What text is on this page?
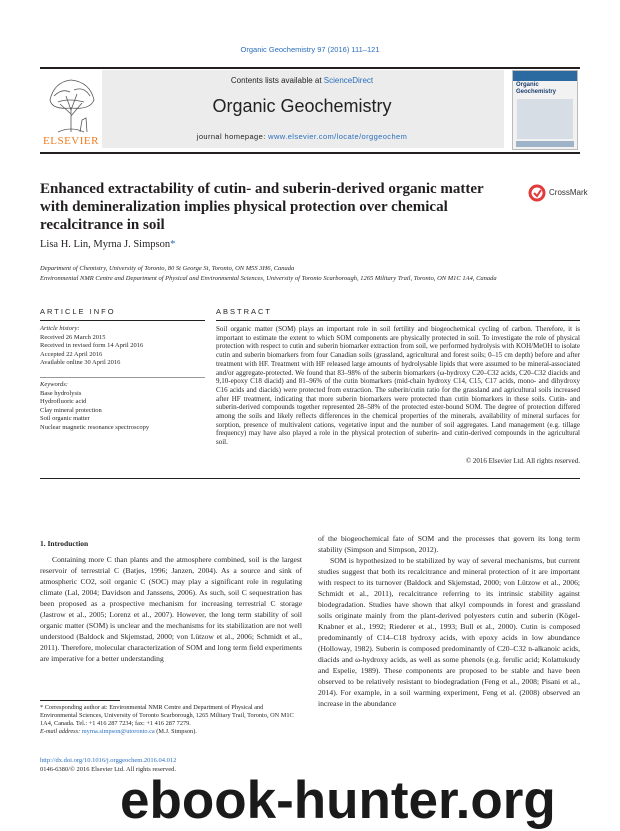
Organic Geochemistry 97 (2016) 111–121
ELSEVIER
Contents lists available at ScienceDirect
Organic Geochemistry
journal homepage: www.elsevier.com/locate/orggeochem
Organic Geochemistry
Enhanced extractability of cutin- and suberin-derived organic matter with demineralization implies physical protection over chemical recalcitrance in soil
CrossMark
Lisa H. Lin, Myrna J. Simpson*
Department of Chemistry, University of Toronto, 80 St George St, Toronto, ON M5S 3H6, Canada
Environmental NMR Centre and Department of Physical and Environmental Sciences, University of Toronto Scarborough, 1265 Military Trail, Toronto, ON M1C 1A4, Canada
ARTICLE INFO	ABSTRACT
Article history:
Received 26 March 2015
Received in revised form 14 April 2016
Accepted 22 April 2016
Available online 30 April 2016
Keywords:
Base hydrolysis
Hydrofluoric acid
Clay mineral protection
Soil organic matter
Nuclear magnetic resonance spectroscopy
Soil organic matter (SOM) plays an important role in soil fertility and biogeochemical cycling of carbon. Therefore, it is important to estimate the extent to which SOM components are physically protected in soil. To investigate the role of physical protection with respect to cutin and suberin biomarker extraction from soil, we performed hydrolysis with KOH/MeOH to isolate cutin and suberin biomarkers from four Canadian soils (grassland, agricultural and forest soils; 0–15 cm depth) before and after treatment with HF. Treatment with HF released large amounts of hydrolysable lipids that were assumed to be mineral-associated and/or aggregate-protected. We found that 83–98% of the suberin biomarkers (ω-hydroxy C20–C32 acids, C20–C32 diacids and 9,10-epoxy C18 diacid) and 81–96% of the cutin biomarkers (mid-chain hydroxy C14, C15, C17 acids, mono- and dihydroxy C16 acids and diacids) were protected from extraction. The suberin/cutin ratio for the grassland and agricultural soils increased after HF treatment, indicating that more suberin biomarkers were protected than cutin biomarkers in these soils. Cutin- and suberin-derived compounds together represented 28–58% of the protected ester-bound SOM. The degree of protection differed among the soils and likely reflects differences in the chemical properties of the minerals, availability of mineral surfaces for sorption, presence of multivalent cations, vegetative input and the number of soil aggregates. Land management (e.g. tillage frequency) may have also played a role in the physical protection of suberin- and cutin-derived compounds in the agricultural soil.
© 2016 Elsevier Ltd. All rights reserved.
1. Introduction
Containing more C than plants and the atmosphere combined, soil is the largest reservoir of terrestrial C (Batjes, 1996; Janzen, 2004). As a source and sink of atmospheric CO2, soil organic C (SOC) may play a significant role in regulating climate (Lal, 2004; Davidson and Janssens, 2006). As such, soil C sequestration has been proposed as a prospective mechanism for increasing terrestrial C storage (Jastrow et al., 2005; Lorenz et al., 2007). However, the long term stability of soil organic matter (SOM) is unclear and the mechanisms for its stabilization are not well understood (Baldock and Skjemstad, 2000; von Lützow et al., 2006; Schmidt et al., 2011). Therefore, molecular characterization of SOM and long term field experiments are imperative for a better understanding

of the biogeochemical fate of SOM and the processes that govern its long term stability (Simpson and Simpson, 2012).

SOM is hypothesized to be stabilized by way of several mechanisms, but current studies suggest that both its recalcitrance and mineral protection of it are important with respect to its turnover (Baldock and Skjemstad, 2000; von Lützow et al., 2006; Schmidt et al., 2011), recalcitrance referring to its intrinsic stability against biodegradation. Studies have shown that alkyl compounds in forest and grassland soils originate mainly from the plant-derived polyesters cutin and suberin (Kögel-Knabner et al., 1992; Riederer et al., 1993; Bull et al., 2000). Cutin is composed predominantly of C14–C18 hydroxy acids, with epoxy acids in low abundance (Holloway, 1982). Suberin is composed predominantly of C20–C32 n-alkanoic acids, diacids and ω-hydroxy acids, as well as some phenols (e.g. ferulic acid; Kolattukudy and Espelie, 1989). These components are proposed to be stable and have been observed to be relatively resistant to biodegradation (Feng et al., 2008; Pisani et al., 2014). For example, in a soil warming experiment, Feng et al. (2008) observed an increase in the abundance

* Corresponding author at: Environmental NMR Centre and Department of Physical and Environmental Sciences, University of Toronto Scarborough, 1265 Military Trail, Toronto, ON M1C 1A4, Canada. Tel.: +1 416 287 7234; fax: +1 416 287 7279.
E-mail address: myrna.simpson@utoronto.ca (M.J. Simpson).
http://dx.doi.org/10.1016/j.orggeochem.2016.04.012
0146-6380/© 2016 Elsevier Ltd. All rights reserved.
ebook-hunter.org
